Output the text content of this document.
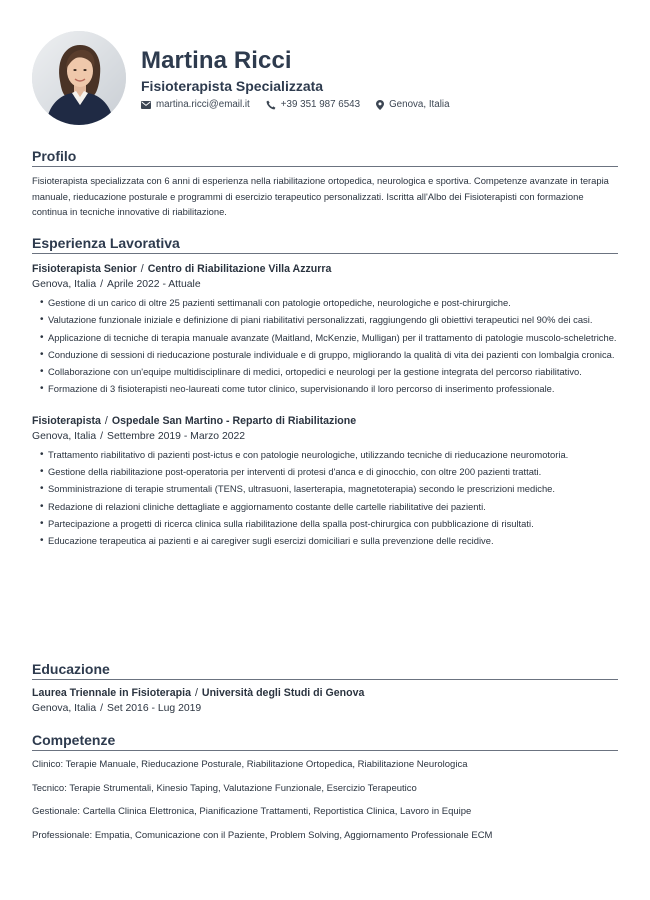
Martina Ricci
Fisioterapista Specializzata
martina.ricci@email.it	+39 351 987 6543	Genova, Italia
Profilo
Fisioterapista specializzata con 6 anni di esperienza nella riabilitazione ortopedica, neurologica e sportiva. Competenze avanzate in terapia manuale, rieducazione posturale e programmi di esercizio terapeutico personalizzati. Iscritta all'Albo dei Fisioterapisti con formazione continua in tecniche innovative di riabilitazione.
Esperienza Lavorativa
Fisioterapista Senior / Centro di Riabilitazione Villa Azzurra
Genova, Italia / Aprile 2022 - Attuale
• Gestione di un carico di oltre 25 pazienti settimanali con patologie ortopediche, neurologiche e post-chirurgiche.
• Valutazione funzionale iniziale e definizione di piani riabilitativi personalizzati, raggiungendo gli obiettivi terapeutici nel 90% dei casi.
• Applicazione di tecniche di terapia manuale avanzate (Maitland, McKenzie, Mulligan) per il trattamento di patologie muscolo-scheletriche.
• Conduzione di sessioni di rieducazione posturale individuale e di gruppo, migliorando la qualità di vita dei pazienti con lombalgia cronica.
• Collaborazione con un'equipe multidisciplinare di medici, ortopedici e neurologi per la gestione integrata del percorso riabilitativo.
• Formazione di 3 fisioterapisti neo-laureati come tutor clinico, supervisionando il loro percorso di inserimento professionale.
Fisioterapista / Ospedale San Martino - Reparto di Riabilitazione
Genova, Italia / Settembre 2019 - Marzo 2022
• Trattamento riabilitativo di pazienti post-ictus e con patologie neurologiche, utilizzando tecniche di rieducazione neuromotoria.
• Gestione della riabilitazione post-operatoria per interventi di protesi d'anca e di ginocchio, con oltre 200 pazienti trattati.
• Somministrazione di terapie strumentali (TENS, ultrasuoni, laserterapia, magnetoterapia) secondo le prescrizioni mediche.
• Redazione di relazioni cliniche dettagliate e aggiornamento costante delle cartelle riabilitative dei pazienti.
• Partecipazione a progetti di ricerca clinica sulla riabilitazione della spalla post-chirurgica con pubblicazione di risultati.
• Educazione terapeutica ai pazienti e ai caregiver sugli esercizi domiciliari e sulla prevenzione delle recidive.
Educazione
Laurea Triennale in Fisioterapia / Università degli Studi di Genova
Genova, Italia / Set 2016 - Lug 2019
Competenze
Clinico: Terapie Manuale, Rieducazione Posturale, Riabilitazione Ortopedica, Riabilitazione Neurologica
Tecnico: Terapie Strumentali, Kinesio Taping, Valutazione Funzionale, Esercizio Terapeutico
Gestionale: Cartella Clinica Elettronica, Pianificazione Trattamenti, Reportistica Clinica, Lavoro in Equipe
Professionale: Empatia, Comunicazione con il Paziente, Problem Solving, Aggiornamento Professionale ECM
